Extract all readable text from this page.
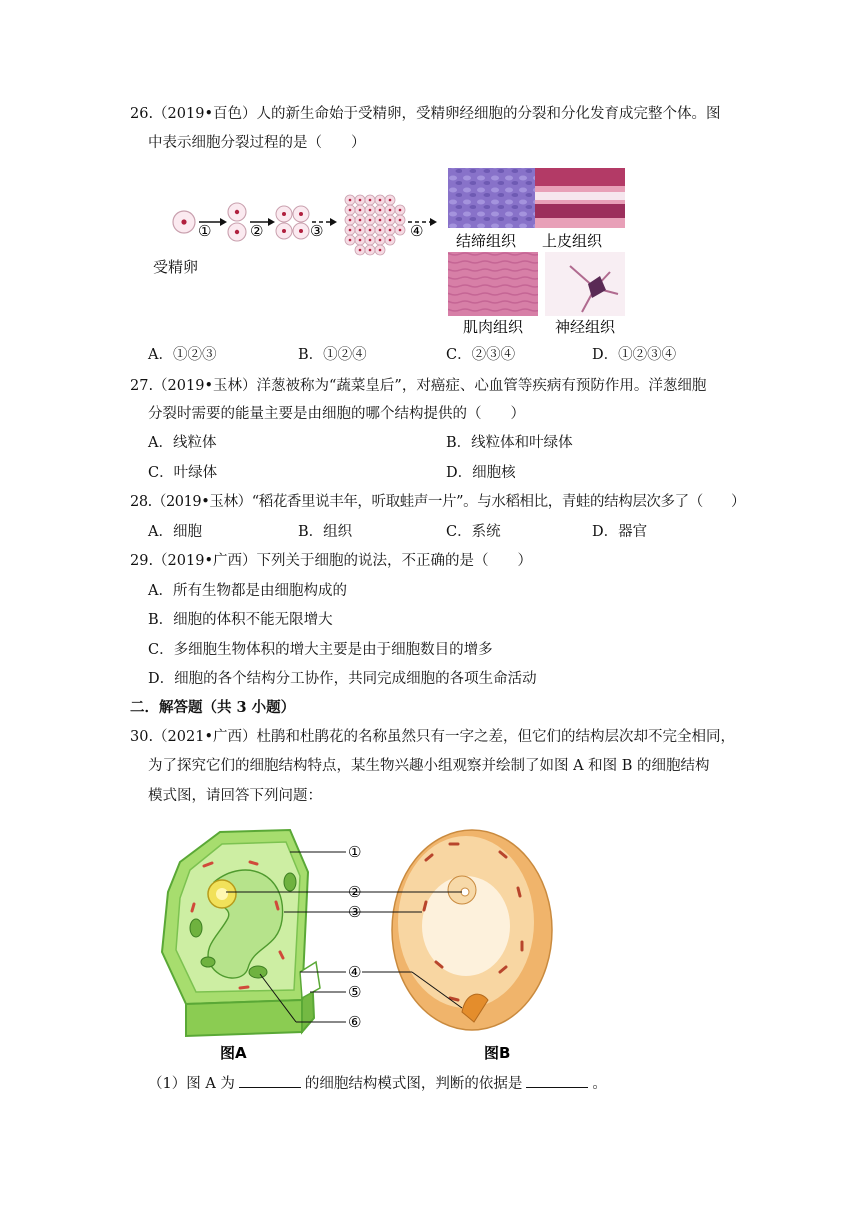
26.（2019•百色）人的新生命始于受精卵，受精卵经细胞的分裂和分化发育成完整个体。图
中表示细胞分裂过程的是（　　）
受精卵
①	②	③	④
结缔组织 上皮组织
肌肉组织 神经组织
A．①②③	B．①②④	C．②③④	D．①②③④
27.（2019•玉林）洋葱被称为“蔬菜皇后”，对癌症、心血管等疾病有预防作用。洋葱细胞
分裂时需要的能量主要是由细胞的哪个结构提供的（　　）
A．线粒体	B．线粒体和叶绿体
C．叶绿体	D．细胞核
28.（2019•玉林）“稻花香里说丰年，听取蛙声一片”。与水稻相比，青蛙的结构层次多了（　　）
A．细胞	B．组织	C．系统	D．器官
29.（2019•广西）下列关于细胞的说法，不正确的是（　　）
A．所有生物都是由细胞构成的
B．细胞的体积不能无限增大
C．多细胞生物体积的增大主要是由于细胞数目的增多
D．细胞的各个结构分工协作，共同完成细胞的各项生命活动
二．解答题（共 3 小题）
30.（2021•广西）杜鹃和杜鹃花的名称虽然只有一字之差，但它们的结构层次却不完全相同，
为了探究它们的细胞结构特点，某生物兴趣小组观察并绘制了如图 A 和图 B 的细胞结构
模式图，请回答下列问题：
①
②
③
④
⑤
⑥
图A	图B
（1）图 A 为	的细胞结构模式图，判断的依据是	。
